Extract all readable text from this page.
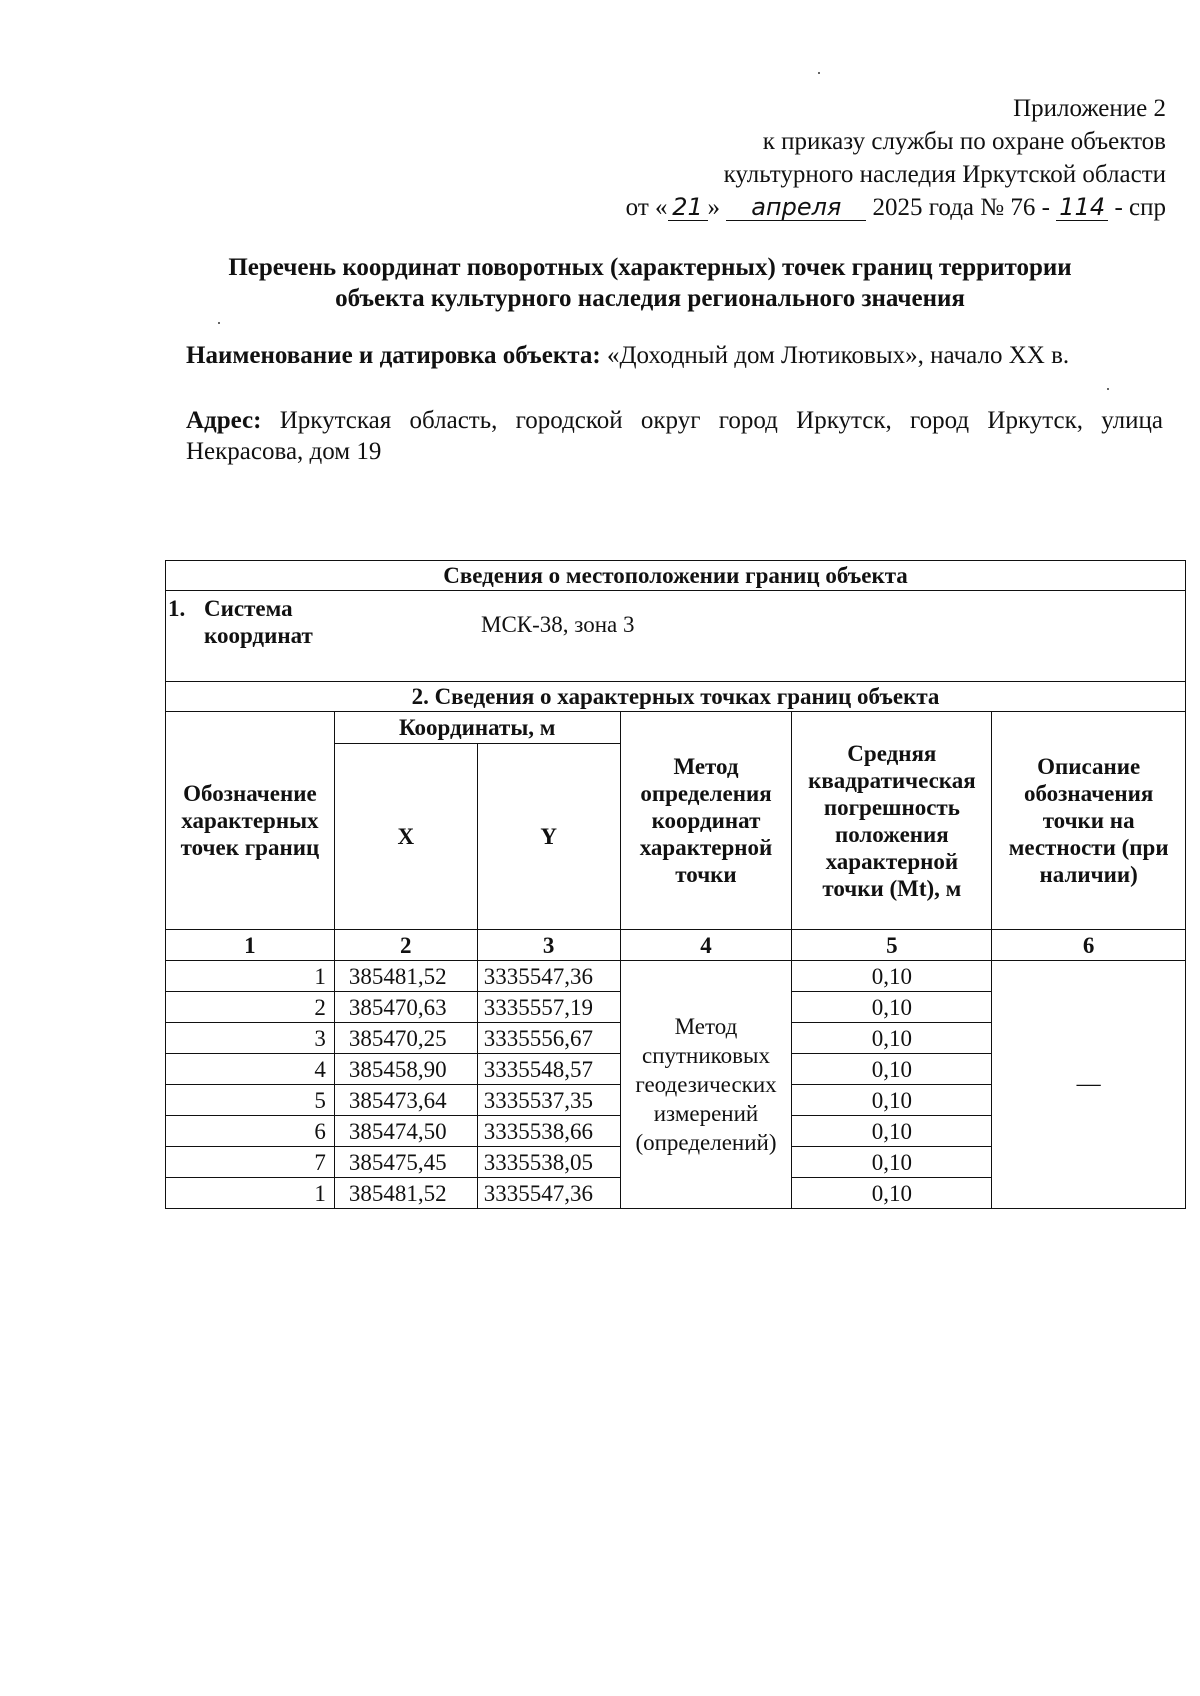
Приложение 2
к приказу службы по охране объектов
культурного наследия Иркутской области
от « 21 » апреля 2025 года № 76 - 114 - спр
Перечень координат поворотных (характерных) точек границ территории
объекта культурного наследия регионального значения
Наименование и датировка объекта: «Доходный дом Лютиковых», начало XX в.
Адрес: Иркутская область, городской округ город Иркутск, город Иркутск, улица Некрасова, дом 19
Сведения о местоположении границ объекта					

1. Система
координат МСК-38, зона 3					

2. Сведения о характерных точках границ объекта					
Обозначение характерных точек границ	Координаты, м		Метод определения координат характерной точки	Средняя квадратическая погрешность положения характерной точки (Mt), м	Описание обозначения точки на местности (при наличии)
	X	Y			
1	2	3	4	5	6
1	385481,52	3335547,36	Метод спутниковых геодезических измерений (определений)	0,10	—
2	385470,63	3335557,19		0,10	
3	385470,25	3335556,67		0,10	
4	385458,90	3335548,57		0,10	
5	385473,64	3335537,35		0,10	
6	385474,50	3335538,66		0,10	
7	385475,45	3335538,05		0,10	
1	385481,52	3335547,36		0,10	
